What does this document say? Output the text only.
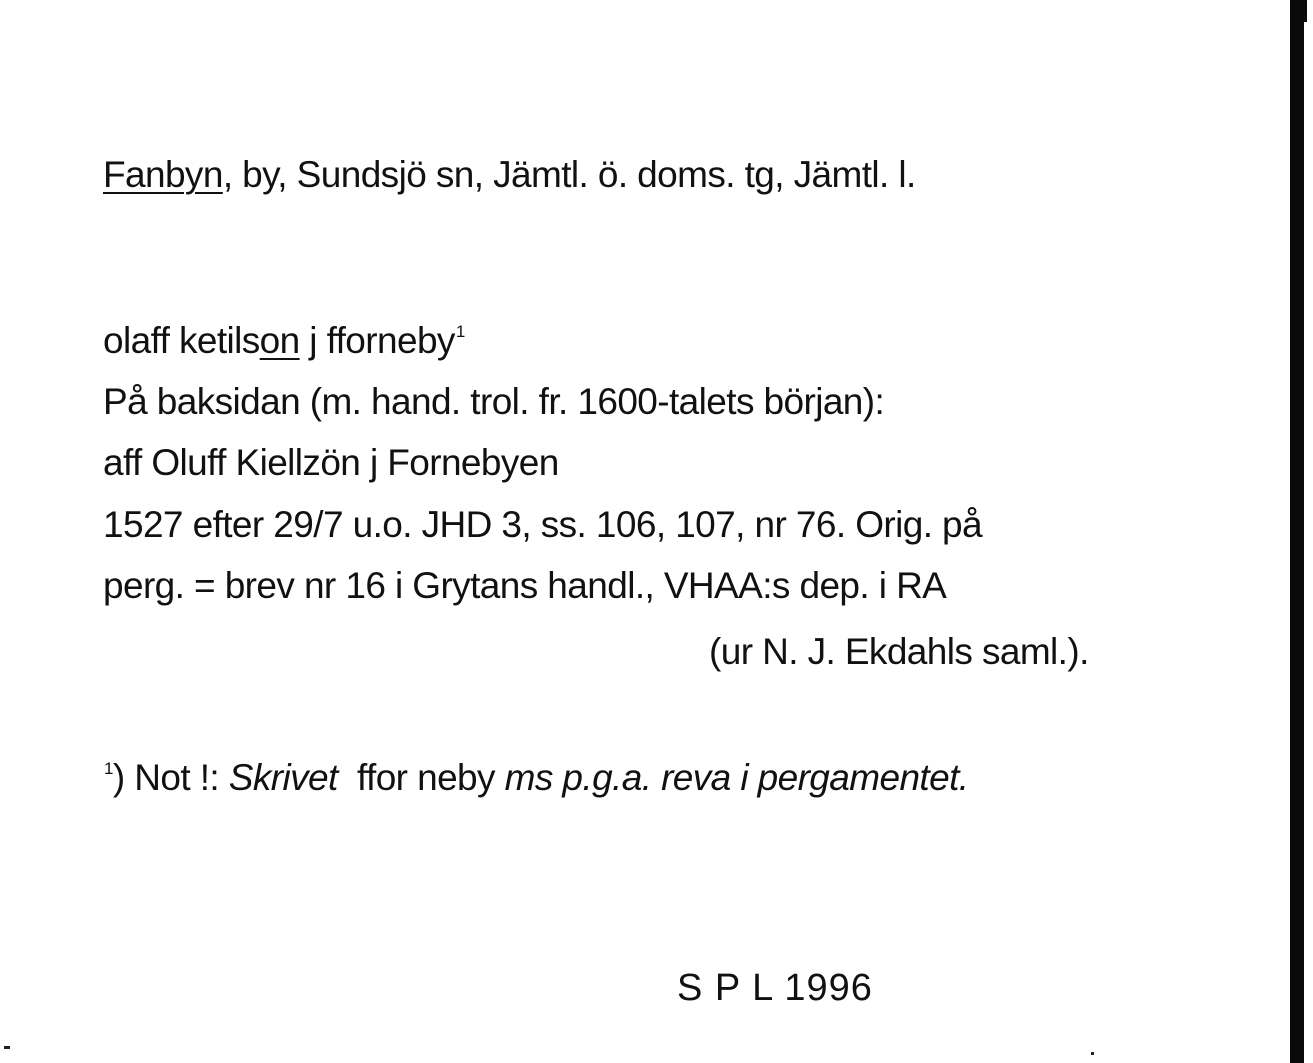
Fanbyn, by, Sundsjö sn, Jämtl. ö. doms. tg, Jämtl. l.
olaff ketilson j fforneby$^1$
På baksidan (m. hand. trol. fr. 1600-talets början):
aff Oluff Kiellzön j Fornebyen
1527 efter 29/7 u.o. JHD 3, ss. 106, 107, nr 76. Orig. på
perg. = brev nr 16 i Grytans handl., VHAA:s dep. i RA
(ur N. J. Ekdahls saml.).
$^1$) Not !: Skrivet  ffor neby ms p.g.a. reva i pergamentet.
S P L 1996
